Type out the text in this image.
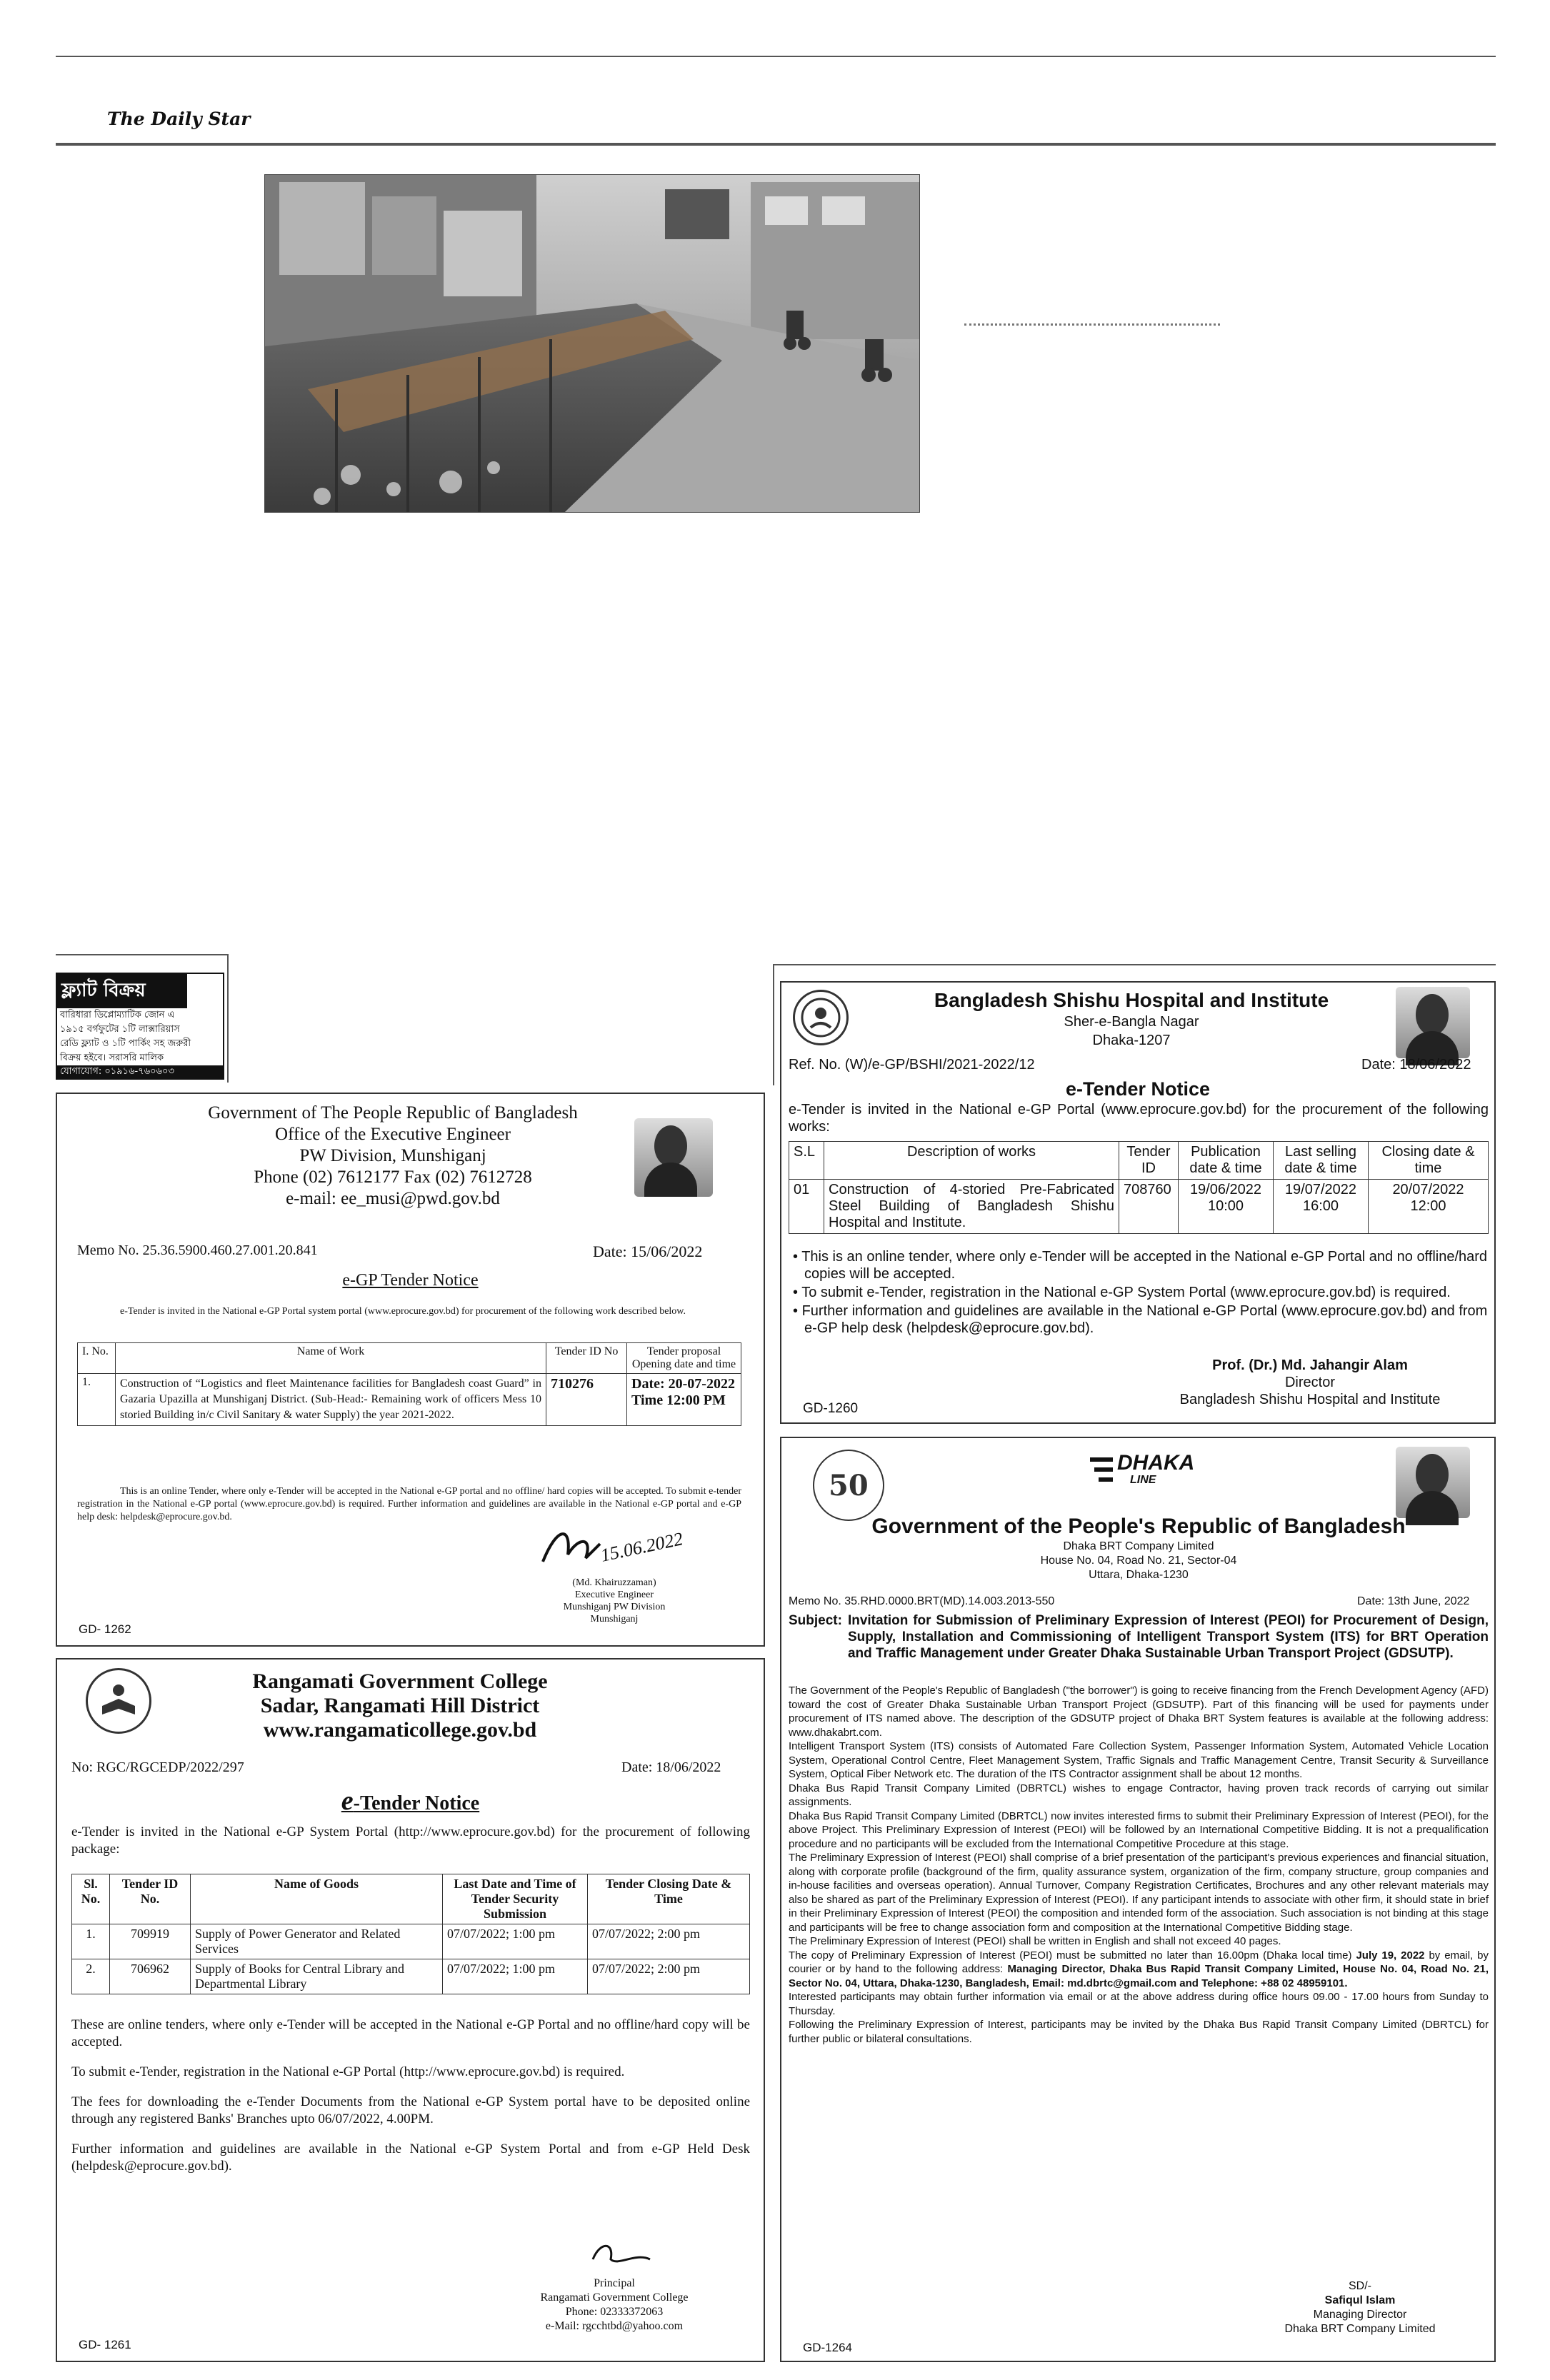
The Daily Star
ফ্ল্যাট বিক্রয়
বারিধারা ডিপ্লোম্যাটিক জোন এ
১৯১৫ বর্গফুটের ১টি লাক্সারিয়াস
রেডি ফ্ল্যাট ও ১টি পার্কিং সহ জরুরী
বিক্রয় হইবে। সরাসরি মালিক
যোগাযোগ: ০১৯১৬-৭৬০৬০৩
Government of The People Republic of Bangladesh
Office of the Executive Engineer
PW Division, Munshiganj
Phone (02) 7612177 Fax (02) 7612728
e-mail: ee_musi@pwd.gov.bd
Memo No. 25.36.5900.460.27.001.20.841	Date: 15/06/2022
e-GP Tender Notice
e-Tender is invited in the National e-GP Portal system portal (www.eprocure.gov.bd) for procurement of the following work described below.
I. No.	Name of Work	Tender ID No	Tender proposal Opening date and time
1.	Construction of “Logistics and fleet Maintenance facilities for Bangladesh coast Guard” in Gazaria Upazilla at Munshiganj District. (Sub-Head:- Remaining work of officers Mess 10 storied Building in/c Civil Sanitary & water Supply) the year 2021-2022.	710276	Date: 20-07-2022
Time 12:00 PM
This is an online Tender, where only e-Tender will be accepted in the National e-GP portal and no offline/ hard copies will be accepted. To submit e-tender registration in the National e-GP portal (www.eprocure.gov.bd) is required. Further information and guidelines are available in the National e-GP portal and e-GP help desk: helpdesk@eprocure.gov.bd.
15.06.2022
(Md. Khairuzzaman)
Executive Engineer
Munshiganj PW Division
Munshiganj
GD- 1262
Rangamati Government College
Sadar, Rangamati Hill District
www.rangamaticollege.gov.bd
No: RGC/RGCEDP/2022/297	Date: 18/06/2022
e-Tender Notice
e-Tender is invited in the National e-GP System Portal (http://www.eprocure.gov.bd) for the procurement of following package:
Sl. No.	Tender ID No.	Name of Goods	Last Date and Time of Tender Security Submission	Tender Closing Date & Time
1.	709919	Supply of Power Generator and Related Services	07/07/2022; 1:00 pm	07/07/2022; 2:00 pm
2.	706962	Supply of Books for Central Library and Departmental Library	07/07/2022; 1:00 pm	07/07/2022; 2:00 pm

These are online tenders, where only e-Tender will be accepted in the National e-GP Portal and no offline/hard copy will be accepted.

To submit e-Tender, registration in the National e-GP Portal (http://www.eprocure.gov.bd) is required.

The fees for downloading the e-Tender Documents from the National e-GP System portal have to be deposited online through any registered Banks' Branches upto 06/07/2022, 4.00PM.

Further information and guidelines are available in the National e-GP System Portal and from e-GP Held Desk (helpdesk@eprocure.gov.bd).

Principal
Rangamati Government College
Phone: 02333372063
e-Mail: rgcchtbd@yahoo.com
GD- 1261
Bangladesh Shishu Hospital and Institute
Sher-e-Bangla Nagar
Dhaka-1207
Ref. No. (W)/e-GP/BSHI/2021-2022/12	Date: 18/06/2022
e-Tender Notice
e-Tender is invited in the National e-GP Portal (www.eprocure.gov.bd) for the procurement of the following works:
S.L	Description of works	Tender ID	Publication date & time	Last selling date & time	Closing date & time
01	Construction of 4-storied Pre-Fabricated Steel Building of Bangladesh Shishu Hospital and Institute.	708760	19/06/2022 10:00	19/07/2022 16:00	20/07/2022 12:00
• This is an online tender, where only e-Tender will be accepted in the National e-GP Portal and no offline/hard copies will be accepted.
• To submit e-Tender, registration in the National e-GP System Portal (www.eprocure.gov.bd) is required.
• Further information and guidelines are available in the National e-GP Portal (www.eprocure.gov.bd) and from e-GP help desk (helpdesk@eprocure.gov.bd).
Prof. (Dr.) Md. Jahangir Alam
Director
Bangladesh Shishu Hospital and Institute
GD-1260
50
DHAKA
LINE
Government of the People's Republic of Bangladesh
Dhaka BRT Company Limited
House No. 04, Road No. 21, Sector-04
Uttara, Dhaka-1230
Memo No. 35.RHD.0000.BRT(MD).14.003.2013-550	Date: 13th June, 2022
Subject: Invitation for Submission of Preliminary Expression of Interest (PEOI) for Procurement of Design, Supply, Installation and Commissioning of Intelligent Transport System (ITS) for BRT Operation and Traffic Management under Greater Dhaka Sustainable Urban Transport Project (GDSUTP).
The Government of the People's Republic of Bangladesh ("the borrower") is going to receive financing from the French Development Agency (AFD) toward the cost of Greater Dhaka Sustainable Urban Transport Project (GDSUTP). Part of this financing will be used for payments under procurement of ITS named above. The description of the GDSUTP project of Dhaka BRT System features is available at the following address: www.dhakabrt.com.
Intelligent Transport System (ITS) consists of Automated Fare Collection System, Passenger Information System, Automated Vehicle Location System, Operational Control Centre, Fleet Management System, Traffic Signals and Traffic Management Centre, Transit Security & Surveillance System, Optical Fiber Network etc. The duration of the ITS Contractor assignment shall be about 12 months.
Dhaka Bus Rapid Transit Company Limited (DBRTCL) wishes to engage Contractor, having proven track records of carrying out similar assignments.
Dhaka Bus Rapid Transit Company Limited (DBRTCL) now invites interested firms to submit their Preliminary Expression of Interest (PEOI), for the above Project. This Preliminary Expression of Interest (PEOI) will be followed by an International Competitive Bidding. It is not a prequalification procedure and no participants will be excluded from the International Competitive Procedure at this stage.
The Preliminary Expression of Interest (PEOI) shall comprise of a brief presentation of the participant's previous experiences and financial situation, along with corporate profile (background of the firm, quality assurance system, organization of the firm, company structure, group companies and in-house facilities and overseas operation). Annual Turnover, Company Registration Certificates, Brochures and any other relevant materials may also be shared as part of the Preliminary Expression of Interest (PEOI). If any participant intends to associate with other firm, it should state in brief in their Preliminary Expression of Interest (PEOI) the composition and intended form of the association. Such association is not binding at this stage and participants will be free to change association form and composition at the International Competitive Bidding stage.
The Preliminary Expression of Interest (PEOI) shall be written in English and shall not exceed 40 pages.
The copy of Preliminary Expression of Interest (PEOI) must be submitted no later than 16.00pm (Dhaka local time) July 19, 2022 by email, by courier or by hand to the following address: Managing Director, Dhaka Bus Rapid Transit Company Limited, House No. 04, Road No. 21, Sector No. 04, Uttara, Dhaka-1230, Bangladesh, Email: md.dbrtc@gmail.com and Telephone: +88 02 48959101.
Interested participants may obtain further information via email or at the above address during office hours 09.00 - 17.00 hours from Sunday to Thursday.
Following the Preliminary Expression of Interest, participants may be invited by the Dhaka Bus Rapid Transit Company Limited (DBRTCL) for further public or bilateral consultations.
SD/-
Safiqul Islam
Managing Director
Dhaka BRT Company Limited
GD-1264
